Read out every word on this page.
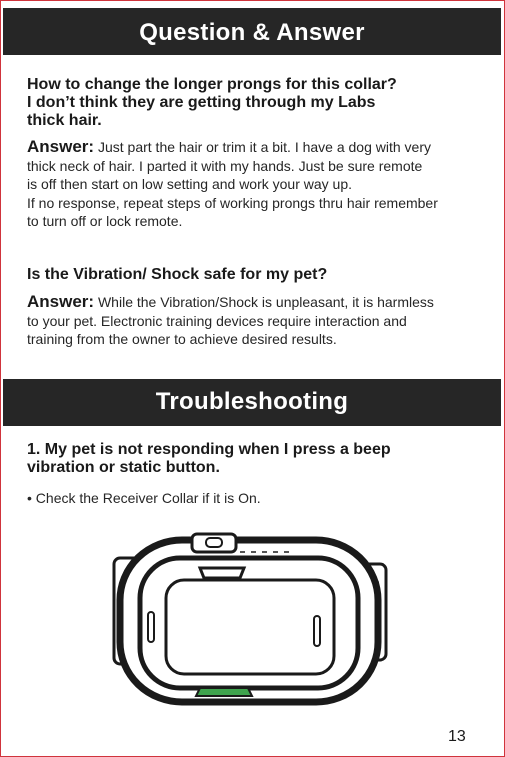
Question & Answer

How to change the longer prongs for this collar?
I don’t think they are getting through my Labs
thick hair.

Answer: Just part the hair or trim it a bit. I have a dog with very
thick neck of hair. I parted it with my hands. Just be sure remote
is off then start on low setting and work your way up.
If no response, repeat steps of working prongs thru hair remember
to turn off or lock remote.

Is the Vibration/ Shock safe for my pet?

Answer: While the Vibration/Shock is unpleasant, it is harmless
to your pet. Electronic training devices require interaction and
training from the owner to achieve desired results.

Troubleshooting

1. My pet is not responding when I press a beep
vibration or static button.

• Check the Receiver Collar if it is On.

13
